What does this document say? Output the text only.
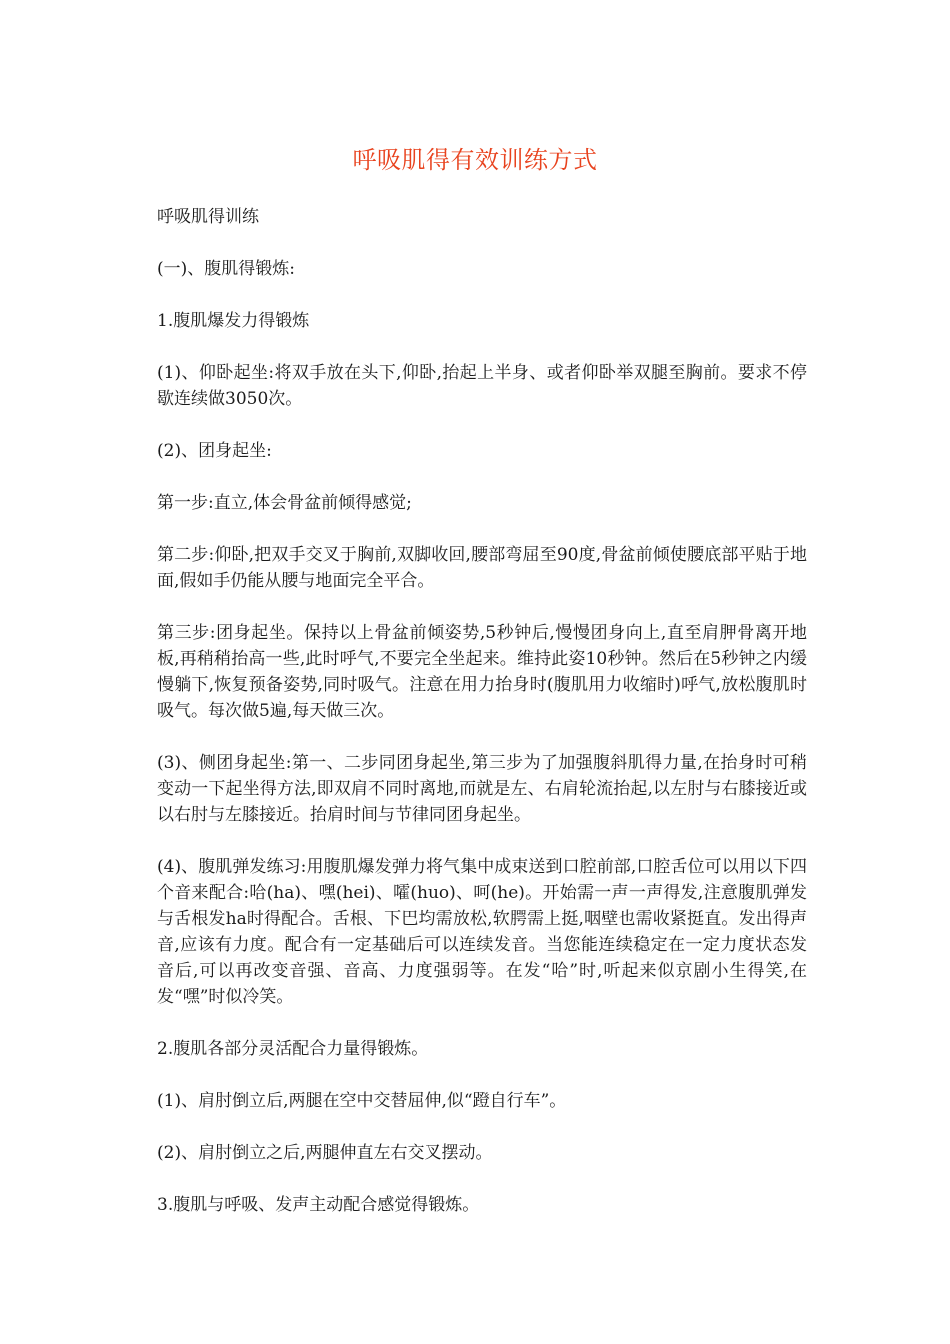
呼吸肌得有效训练方式

呼吸肌得训练

(一)、腹肌得锻炼:

1.腹肌爆发力得锻炼

(1)、仰卧起坐:将双手放在头下,仰卧,抬起上半身、或者仰卧举双腿至胸前。要求不停歇连续做3050次。

(2)、团身起坐:

第一步:直立,体会骨盆前倾得感觉;

第二步:仰卧,把双手交叉于胸前,双脚收回,腰部弯屈至90度,骨盆前倾使腰底部平贴于地面,假如手仍能从腰与地面完全平合。

第三步:团身起坐。保持以上骨盆前倾姿势,5秒钟后,慢慢团身向上,直至肩胛骨离开地板,再稍稍抬高一些,此时呼气,不要完全坐起来。维持此姿10秒钟。然后在5秒钟之内缓慢躺下,恢复预备姿势,同时吸气。注意在用力抬身时(腹肌用力收缩时)呼气,放松腹肌时吸气。每次做5遍,每天做三次。

(3)、侧团身起坐:第一、二步同团身起坐,第三步为了加强腹斜肌得力量,在抬身时可稍变动一下起坐得方法,即双肩不同时离地,而就是左、右肩轮流抬起,以左肘与右膝接近或以右肘与左膝接近。抬肩时间与节律同团身起坐。

(4)、腹肌弹发练习:用腹肌爆发弹力将气集中成束送到口腔前部,口腔舌位可以用以下四个音来配合:哈(ha)、嘿(hei)、嚯(huo)、呵(he)。开始需一声一声得发,注意腹肌弹发与舌根发ha时得配合。舌根、下巴均需放松,软腭需上挺,咽壁也需收紧挺直。发出得声音,应该有力度。配合有一定基础后可以连续发音。当您能连续稳定在一定力度状态发音后,可以再改变音强、音高、力度强弱等。在发“哈”时,听起来似京剧小生得笑,在发“嘿”时似冷笑。

2.腹肌各部分灵活配合力量得锻炼。

(1)、肩肘倒立后,两腿在空中交替屈伸,似“蹬自行车”。

(2)、肩肘倒立之后,两腿伸直左右交叉摆动。

3.腹肌与呼吸、发声主动配合感觉得锻炼。
